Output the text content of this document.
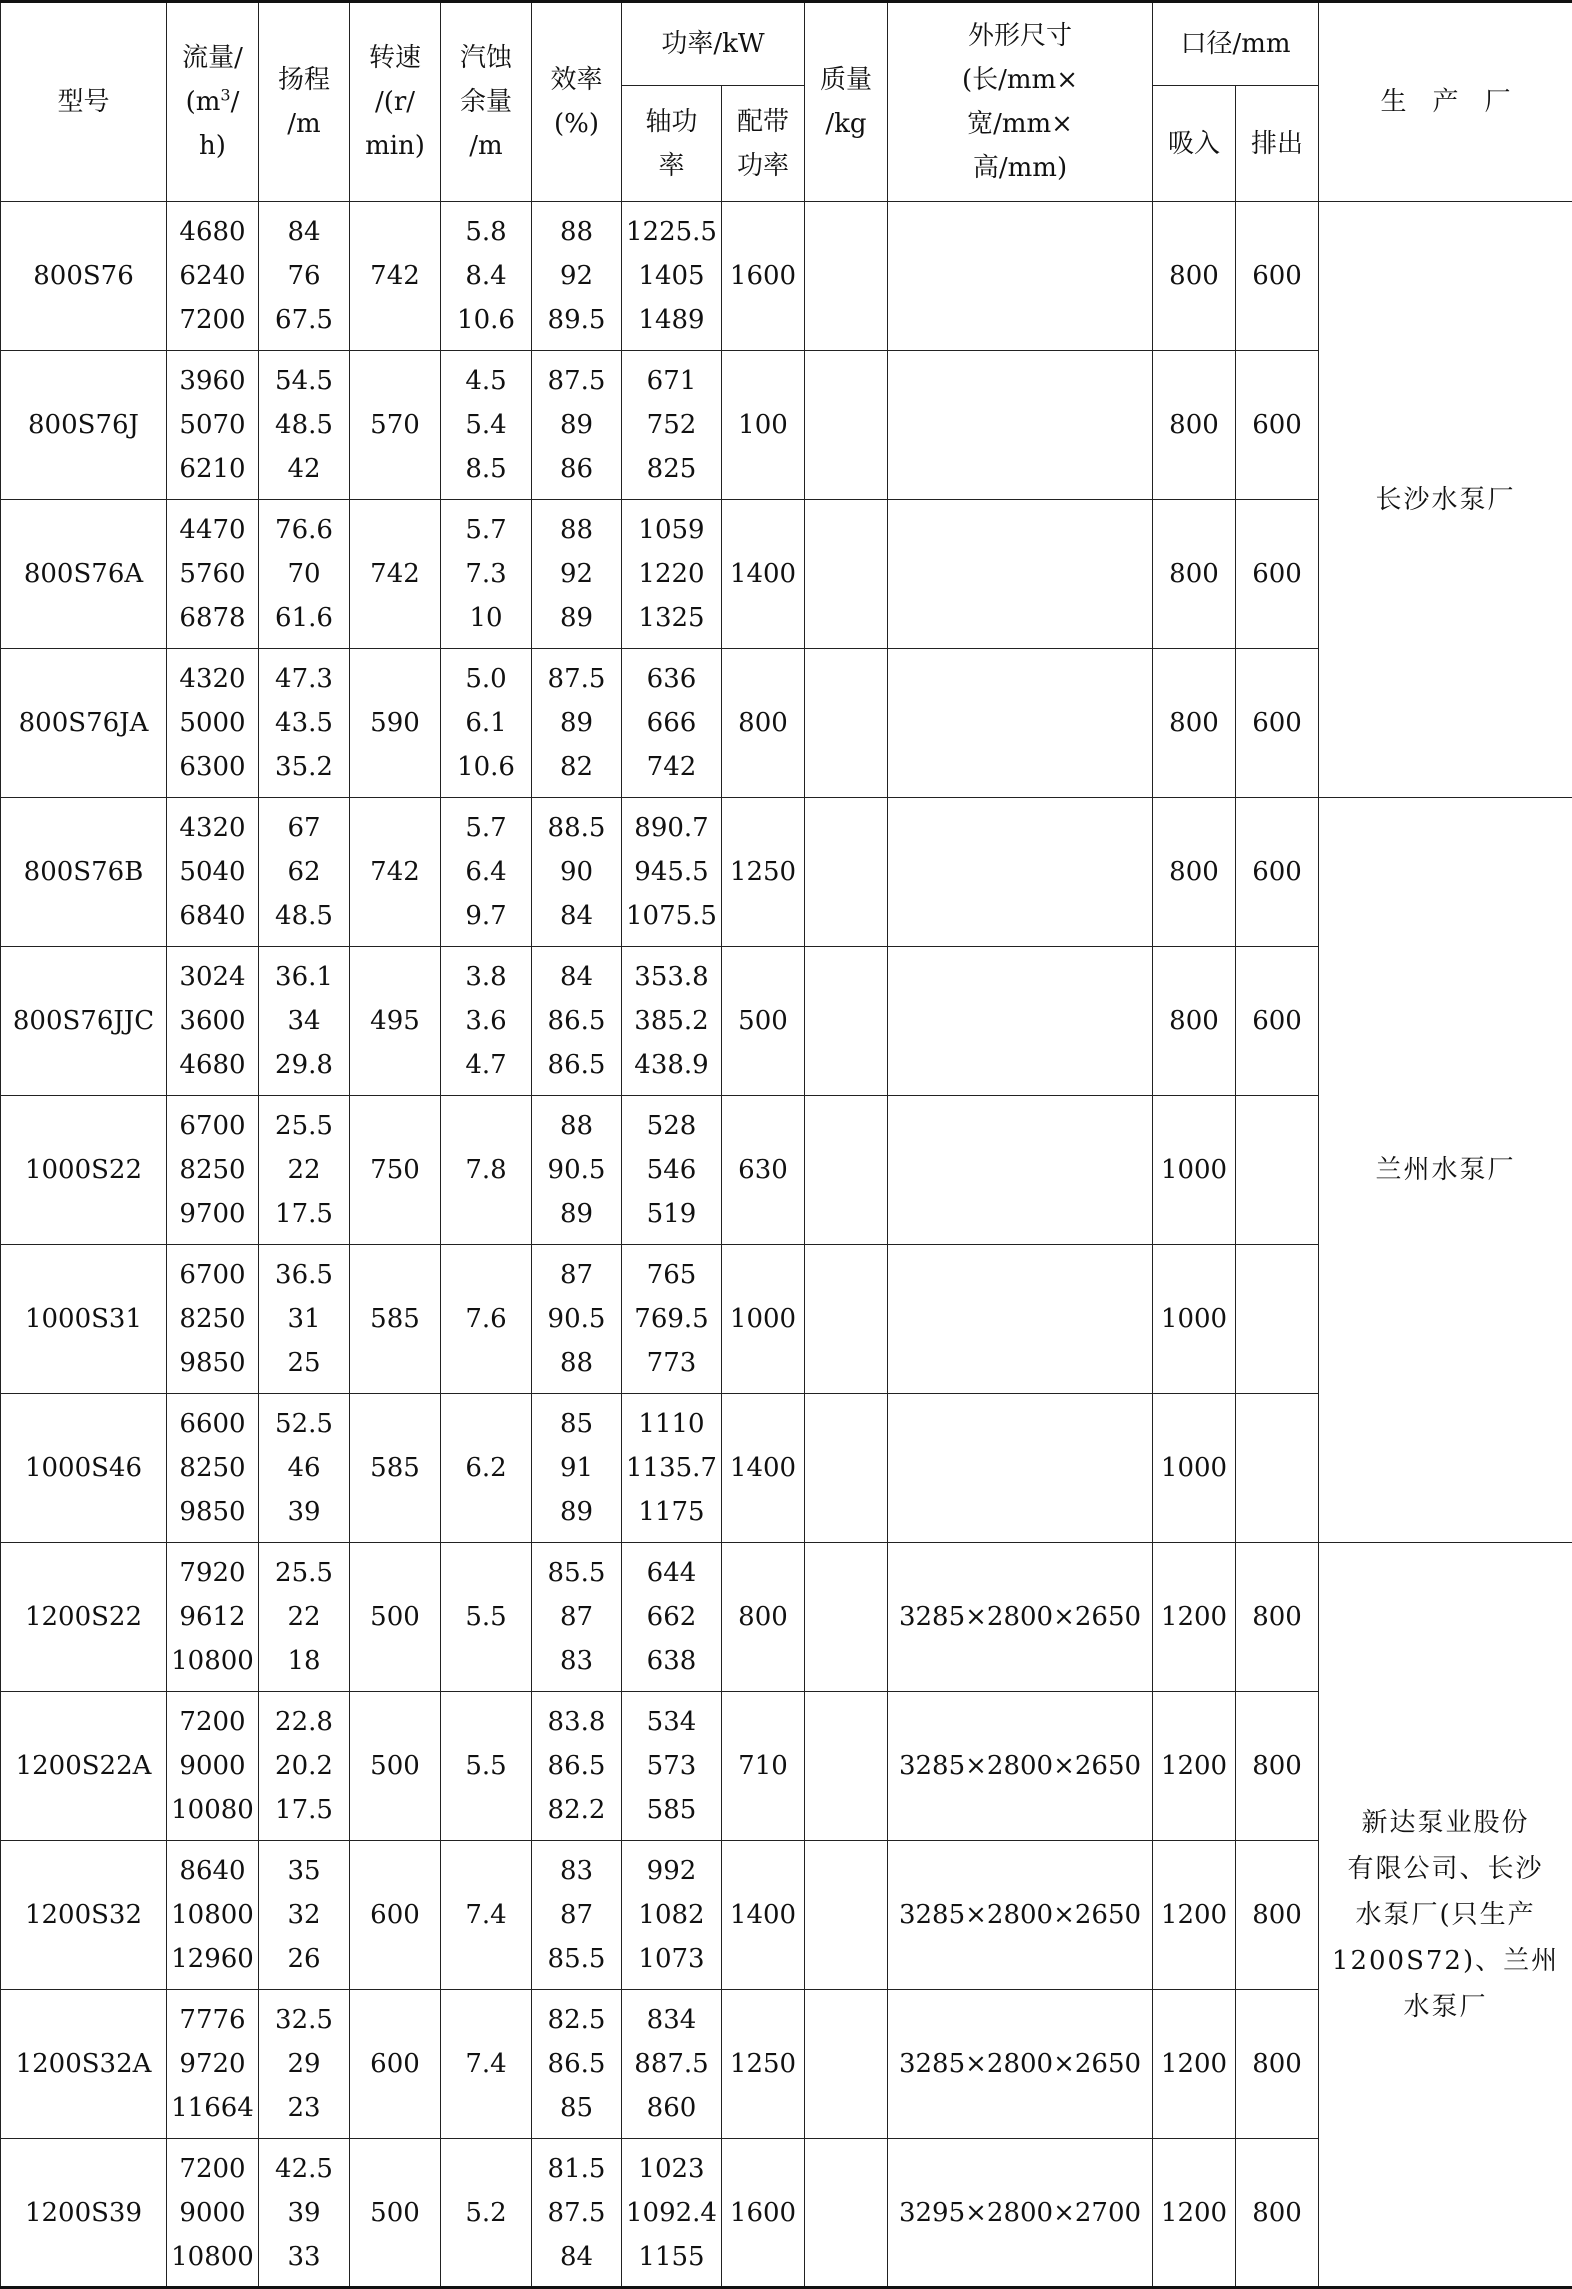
型号	流量/
($m^3/$
h)	扬程
/m	转速
/(r/
min)	汽蚀
余量
/m	效率
(%)	功率/kW		质量
/kg	外形尺寸
(长/mm×
宽/mm×
高/mm)	口径/mm		生　产　厂
						轴功
率	配带
功率			吸入	排出	
800S76	4680
6240
7200	84
76
67.5	742	5.8
8.4
10.6	88
92
89.5	1225.5
1405
1489	1600			800	600	长沙水泵厂
800S76J	3960
5070
6210	54.5
48.5
42	570	4.5
5.4
8.5	87.5
89
86	671
752
825	100			800	600	
800S76A	4470
5760
6878	76.6
70
61.6	742	5.7
7.3
10	88
92
89	1059
1220
1325	1400			800	600	
800S76JA	4320
5000
6300	47.3
43.5
35.2	590	5.0
6.1
10.6	87.5
89
82	636
666
742	800			800	600	
800S76B	4320
5040
6840	67
62
48.5	742	5.7
6.4
9.7	88.5
90
84	890.7
945.5
1075.5	1250			800	600	兰州水泵厂
800S76JJC	3024
3600
4680	36.1
34
29.8	495	3.8
3.6
4.7	84
86.5
86.5	353.8
385.2
438.9	500			800	600	
1000S22	6700
8250
9700	25.5
22
17.5	750	7.8	88
90.5
89	528
546
519	630			1000		
1000S31	6700
8250
9850	36.5
31
25	585	7.6	87
90.5
88	765
769.5
773	1000			1000		
1000S46	6600
8250
9850	52.5
46
39	585	6.2	85
91
89	1110
1135.7
1175	1400			1000		
1200S22	7920
9612
10800	25.5
22
18	500	5.5	85.5
87
83	644
662
638	800		3285×2800×2650	1200	800	新达泵业股份
有限公司、长沙
水泵厂(只生产
1200S72)、兰州
水泵厂
1200S22A	7200
9000
10080	22.8
20.2
17.5	500	5.5	83.8
86.5
82.2	534
573
585	710		3285×2800×2650	1200	800	
1200S32	8640
10800
12960	35
32
26	600	7.4	83
87
85.5	992
1082
1073	1400		3285×2800×2650	1200	800	
1200S32A	7776
9720
11664	32.5
29
23	600	7.4	82.5
86.5
85	834
887.5
860	1250		3285×2800×2650	1200	800	
1200S39	7200
9000
10800	42.5
39
33	500	5.2	81.5
87.5
84	1023
1092.4
1155	1600		3295×2800×2700	1200	800	
